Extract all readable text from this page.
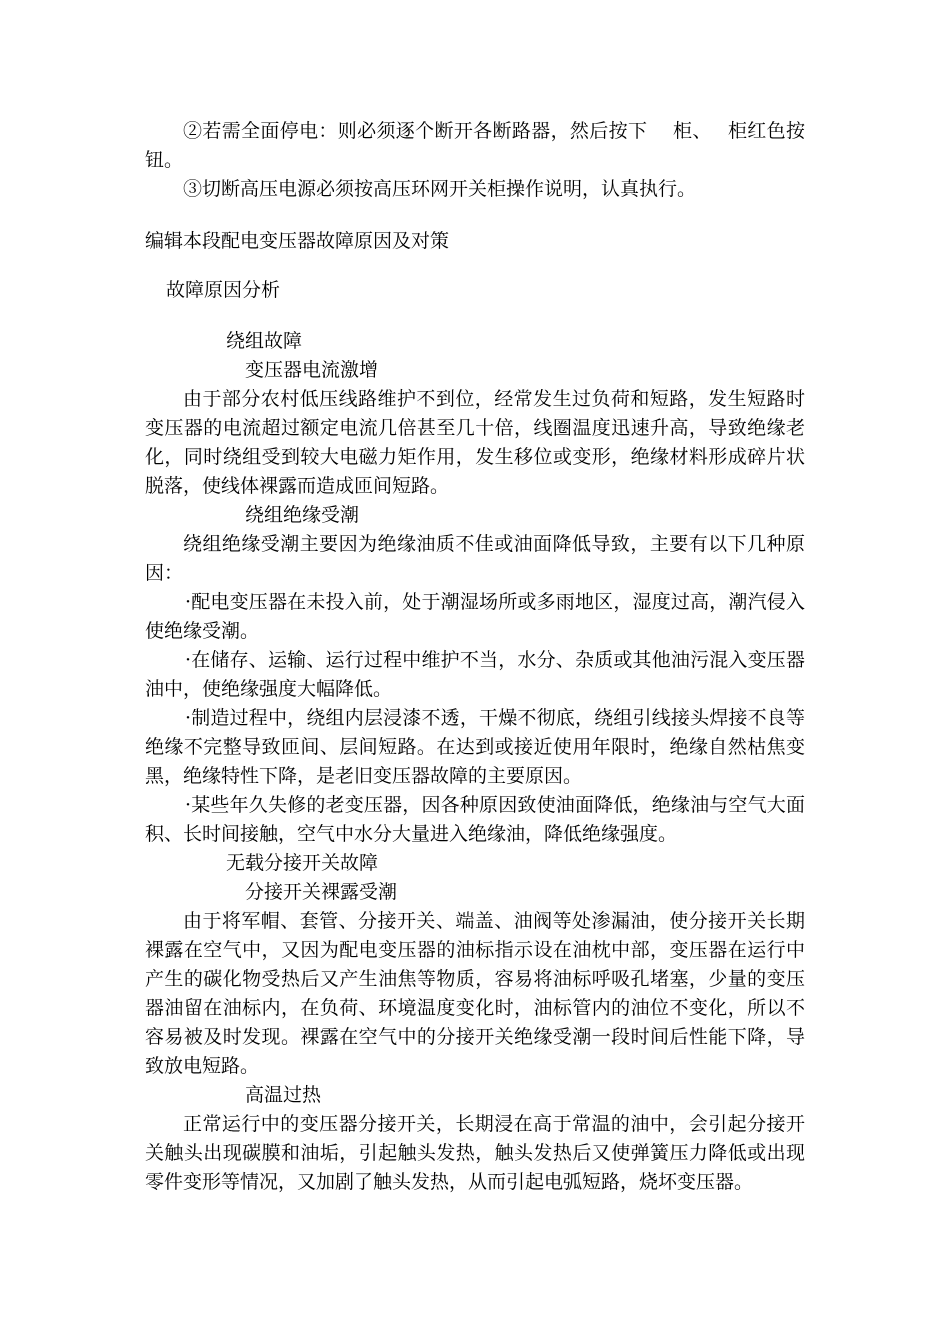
②若需全面停电：则必须逐个断开各断路器，然后按下　 柜、　 柜红色按钮。

③切断高压电源必须按高压环网开关柜操作说明，认真执行。

编辑本段配电变压器故障原因及对策

故障原因分析

绕组故障

变压器电流激增

由于部分农村低压线路维护不到位，经常发生过负荷和短路，发生短路时变压器的电流超过额定电流几倍甚至几十倍，线圈温度迅速升高，导致绝缘老化，同时绕组受到较大电磁力矩作用，发生移位或变形，绝缘材料形成碎片状脱落，使线体裸露而造成匝间短路。

绕组绝缘受潮

绕组绝缘受潮主要因为绝缘油质不佳或油面降低导致，主要有以下几种原因：

·配电变压器在未投入前，处于潮湿场所或多雨地区，湿度过高，潮汽侵入使绝缘受潮。

·在储存、运输、运行过程中维护不当，水分、杂质或其他油污混入变压器油中，使绝缘强度大幅降低。

·制造过程中，绕组内层浸漆不透，干燥不彻底，绕组引线接头焊接不良等绝缘不完整导致匝间、层间短路。在达到或接近使用年限时，绝缘自然枯焦变黑，绝缘特性下降，是老旧变压器故障的主要原因。

·某些年久失修的老变压器，因各种原因致使油面降低，绝缘油与空气大面积、长时间接触，空气中水分大量进入绝缘油，降低绝缘强度。

无载分接开关故障

分接开关裸露受潮

由于将军帽、套管、分接开关、端盖、油阀等处渗漏油，使分接开关长期裸露在空气中，又因为配电变压器的油标指示设在油枕中部，变压器在运行中产生的碳化物受热后又产生油焦等物质，容易将油标呼吸孔堵塞，少量的变压器油留在油标内，在负荷、环境温度变化时，油标管内的油位不变化，所以不容易被及时发现。裸露在空气中的分接开关绝缘受潮一段时间后性能下降，导致放电短路。

高温过热

正常运行中的变压器分接开关，长期浸在高于常温的油中，会引起分接开关触头出现碳膜和油垢，引起触头发热，触头发热后又使弹簧压力降低或出现零件变形等情况，又加剧了触头发热，从而引起电弧短路，烧坏变压器。
